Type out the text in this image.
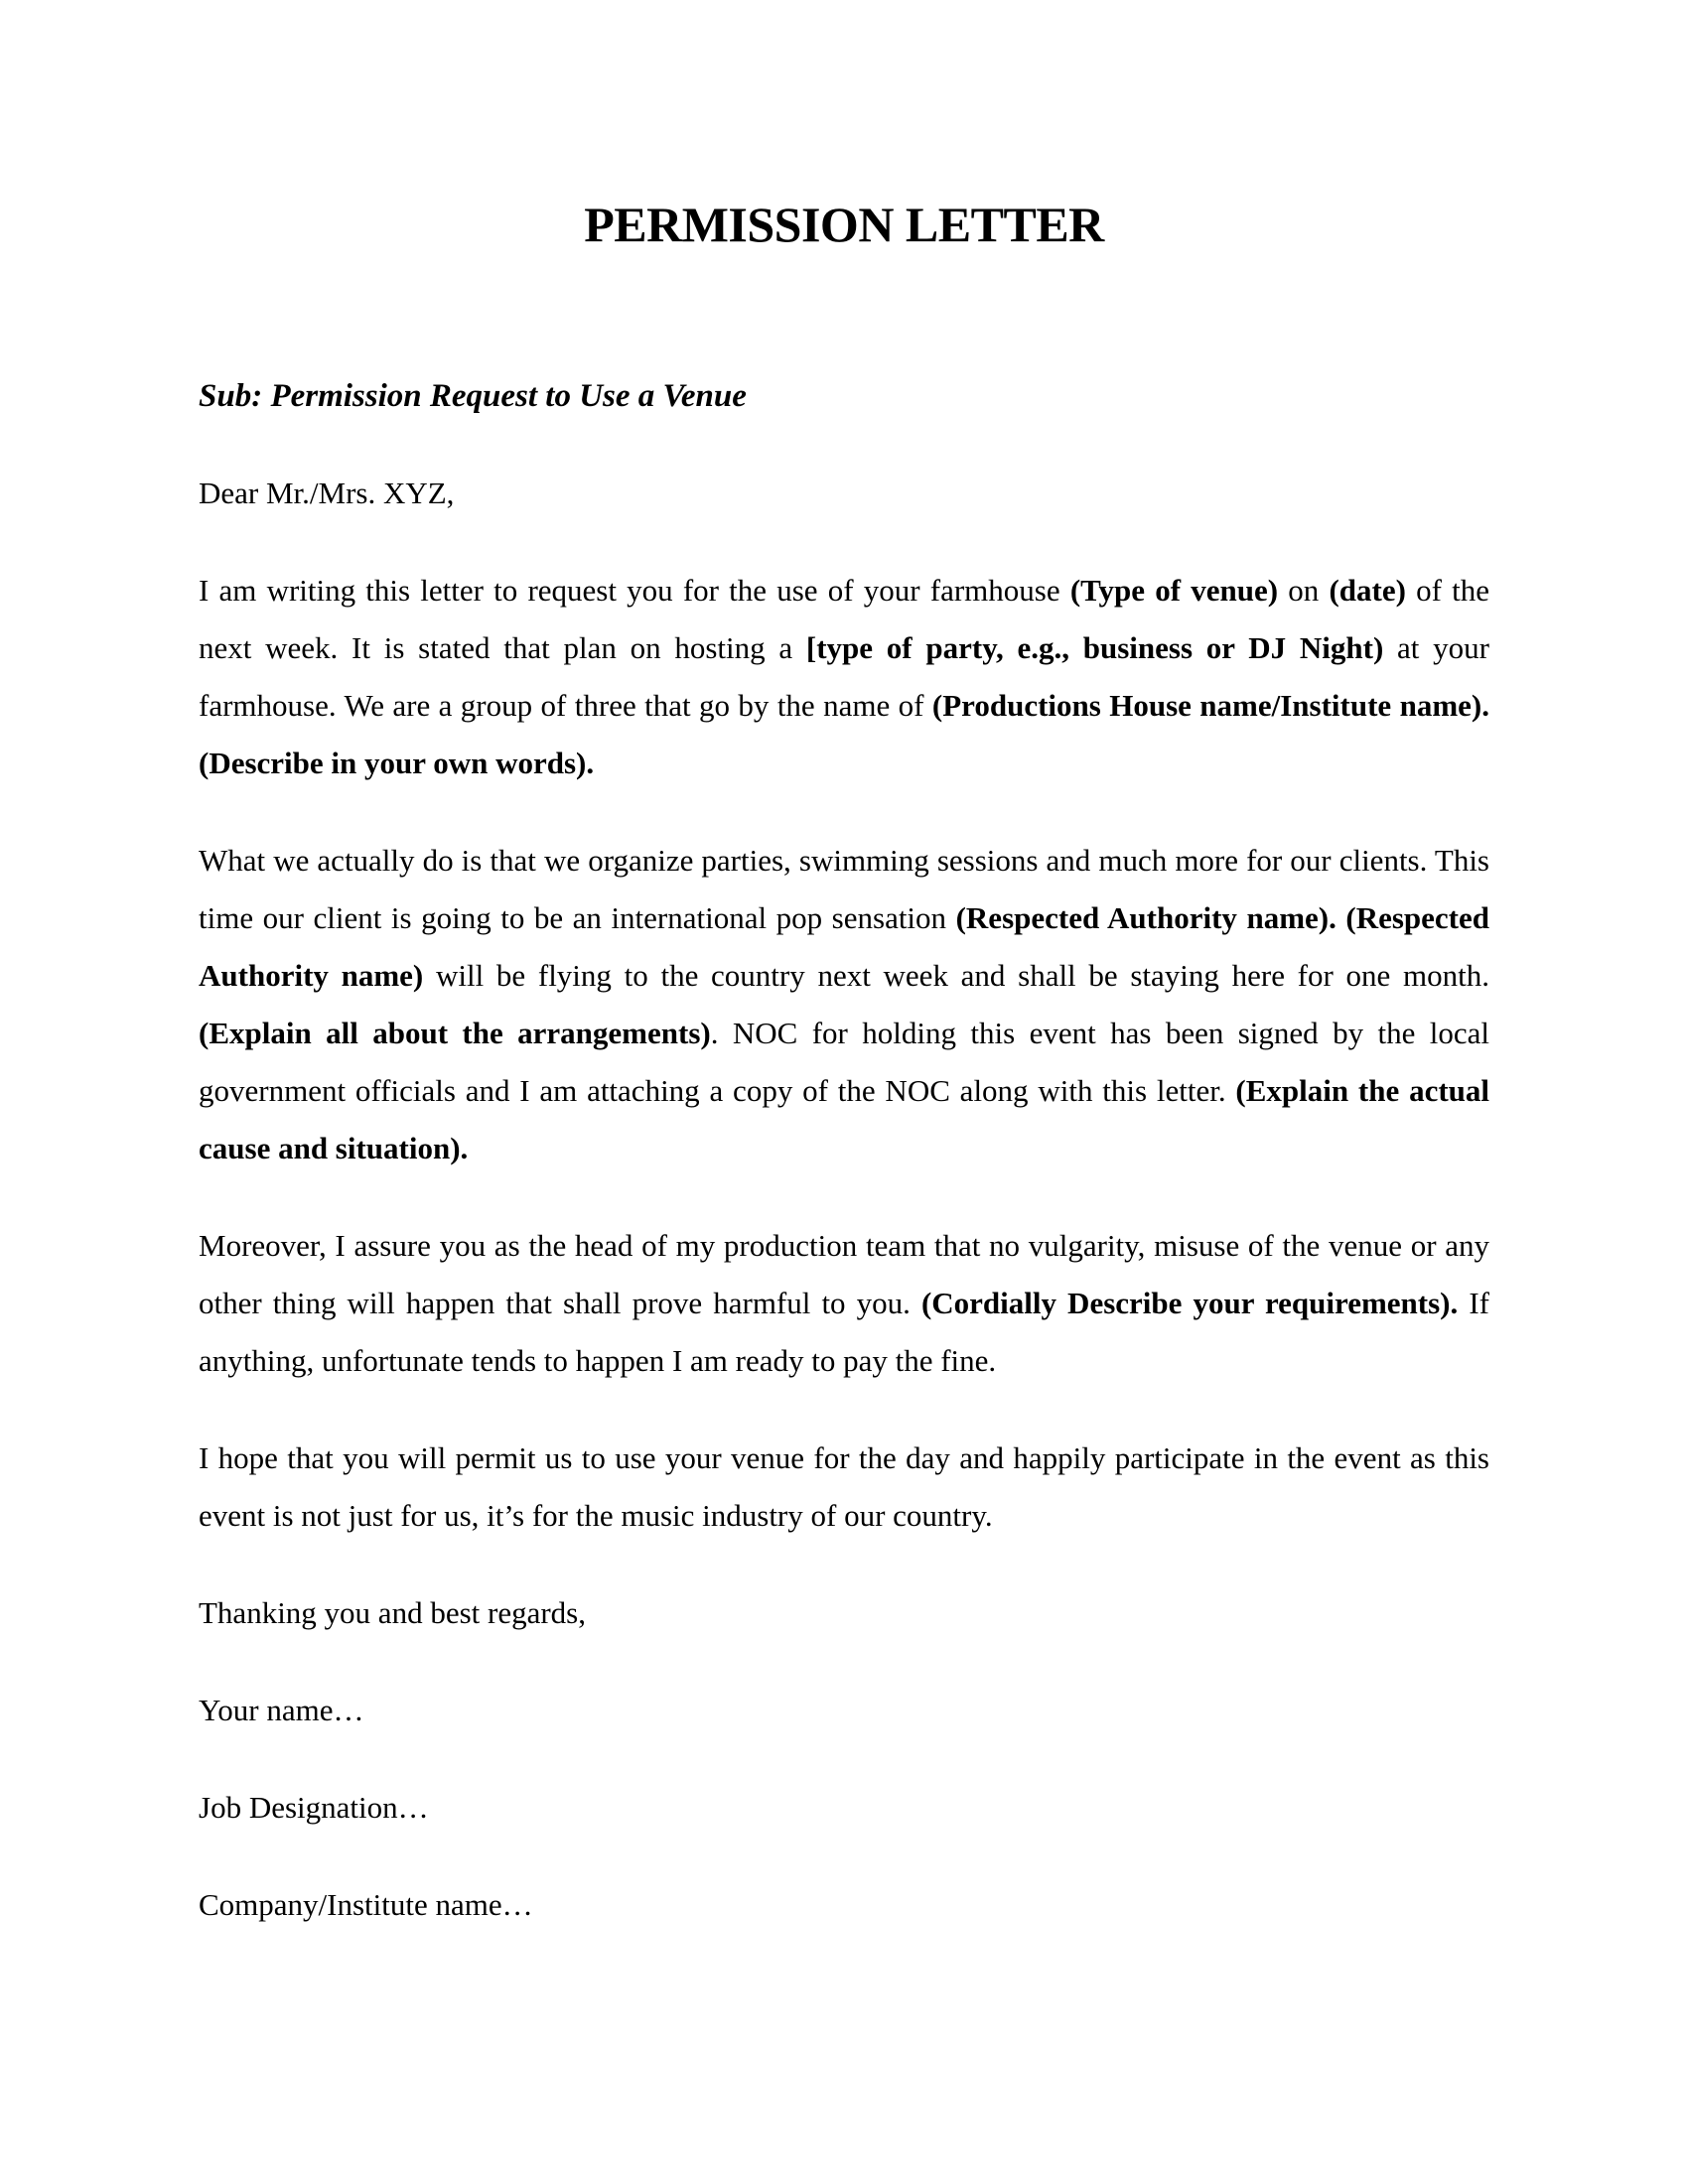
PERMISSION LETTER

Sub: Permission Request to Use a Venue

Dear Mr./Mrs. XYZ,

I am writing this letter to request you for the use of your farmhouse (Type of venue) on (date) of the next week. It is stated that plan on hosting a [type of party, e.g., business or DJ Night) at your farmhouse. We are a group of three that go by the name of (Productions House name/Institute name). (Describe in your own words).

What we actually do is that we organize parties, swimming sessions and much more for our clients. This time our client is going to be an international pop sensation (Respected Authority name). (Respected Authority name) will be flying to the country next week and shall be staying here for one month. (Explain all about the arrangements). NOC for holding this event has been signed by the local government officials and I am attaching a copy of the NOC along with this letter. (Explain the actual cause and situation).

Moreover, I assure you as the head of my production team that no vulgarity, misuse of the venue or any other thing will happen that shall prove harmful to you. (Cordially Describe your requirements). If anything, unfortunate tends to happen I am ready to pay the fine.

I hope that you will permit us to use your venue for the day and happily participate in the event as this event is not just for us, it’s for the music industry of our country.

Thanking you and best regards,

Your name…

Job Designation…

Company/Institute name…
